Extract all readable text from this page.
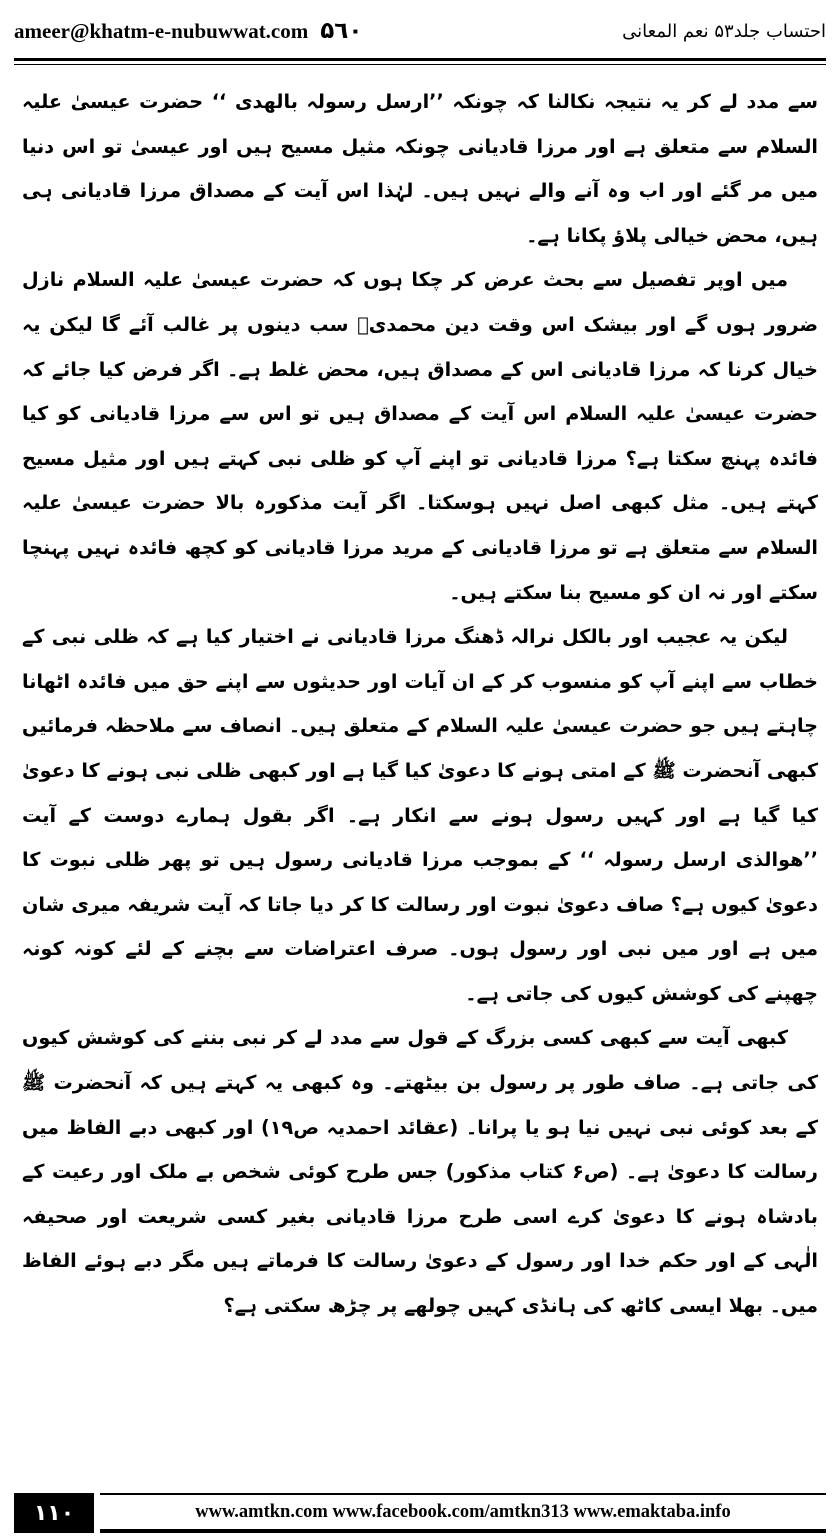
ameer@khatm-e-nubuwwat.com ۵٦۰	احتساب جلد۵۳ نعم المعانی

سے مدد لے کر یہ نتیجہ نکالنا کہ چونکہ ’’ارسل رسولہ بالھدی ‘‘ حضرت عیسیٰ علیہ السلام سے متعلق ہے اور مرزا قادیانی چونکہ مثیل مسیح ہیں اور عیسیٰ تو اس دنیا میں مر گئے اور اب وہ آنے والے نہیں ہیں۔ لہٰذا اس آیت کے مصداق مرزا قادیانی ہی ہیں، محض خیالی پلاؤ پکانا ہے۔

میں اوپر تفصیل سے بحث عرض کر چکا ہوں کہ حضرت عیسیٰ علیہ السلام نازل ضرور ہوں گے اور بیشک اس وقت دین محمدیؐ سب دینوں پر غالب آئے گا لیکن یہ خیال کرنا کہ مرزا قادیانی اس کے مصداق ہیں، محض غلط ہے۔ اگر فرض کیا جائے کہ حضرت عیسیٰ علیہ السلام اس آیت کے مصداق ہیں تو اس سے مرزا قادیانی کو کیا فائدہ پہنچ سکتا ہے؟ مرزا قادیانی تو اپنے آپ کو ظلی نبی کہتے ہیں اور مثیل مسیح کہتے ہیں۔ مثل کبھی اصل نہیں ہوسکتا۔ اگر آیت مذکورہ بالا حضرت عیسیٰ علیہ السلام سے متعلق ہے تو مرزا قادیانی کے مرید مرزا قادیانی کو کچھ فائدہ نہیں پہنچا سکتے اور نہ ان کو مسیح بنا سکتے ہیں۔

لیکن یہ عجیب اور بالکل نرالہ ڈھنگ مرزا قادیانی نے اختیار کیا ہے کہ ظلی نبی کے خطاب سے اپنے آپ کو منسوب کر کے ان آیات اور حدیثوں سے اپنے حق میں فائدہ اٹھانا چاہتے ہیں جو حضرت عیسیٰ علیہ السلام کے متعلق ہیں۔ انصاف سے ملاحظہ فرمائیں کبھی آنحضرت ﷺ کے امتی ہونے کا دعویٰ کیا گیا ہے اور کبھی ظلی نبی ہونے کا دعویٰ کیا گیا ہے اور کہیں رسول ہونے سے انکار ہے۔ اگر بقول ہمارے دوست کے آیت ’’ھوالذی ارسل رسولہ ‘‘ کے بموجب مرزا قادیانی رسول ہیں تو پھر ظلی نبوت کا دعویٰ کیوں ہے؟ صاف دعویٰ نبوت اور رسالت کا کر دیا جاتا کہ آیت شریفہ میری شان میں ہے اور میں نبی اور رسول ہوں۔ صرف اعتراضات سے بچنے کے لئے کونہ کونہ چھپنے کی کوشش کیوں کی جاتی ہے۔

کبھی آیت سے کبھی کسی بزرگ کے قول سے مدد لے کر نبی بننے کی کوشش کیوں کی جاتی ہے۔ صاف طور پر رسول بن بیٹھتے۔ وہ کبھی یہ کہتے ہیں کہ آنحضرت ﷺ کے بعد کوئی نبی نہیں نیا ہو یا پرانا۔ (عقائد احمدیہ ص۱۹) اور کبھی دبے الفاظ میں رسالت کا دعویٰ ہے۔ (ص۶ کتاب مذکور) جس طرح کوئی شخص بے ملک اور رعیت کے بادشاہ ہونے کا دعویٰ کرے اسی طرح مرزا قادیانی بغیر کسی شریعت اور صحیفہ الٰہی کے اور حکم خدا اور رسول کے دعویٰ رسالت کا فرماتے ہیں مگر دبے ہوئے الفاظ میں۔ بھلا ایسی کاٹھ کی ہانڈی کہیں چولھے پر چڑھ سکتی ہے؟

۱۱۰	www.amtkn.com www.facebook.com/amtkn313 www.emaktaba.info
